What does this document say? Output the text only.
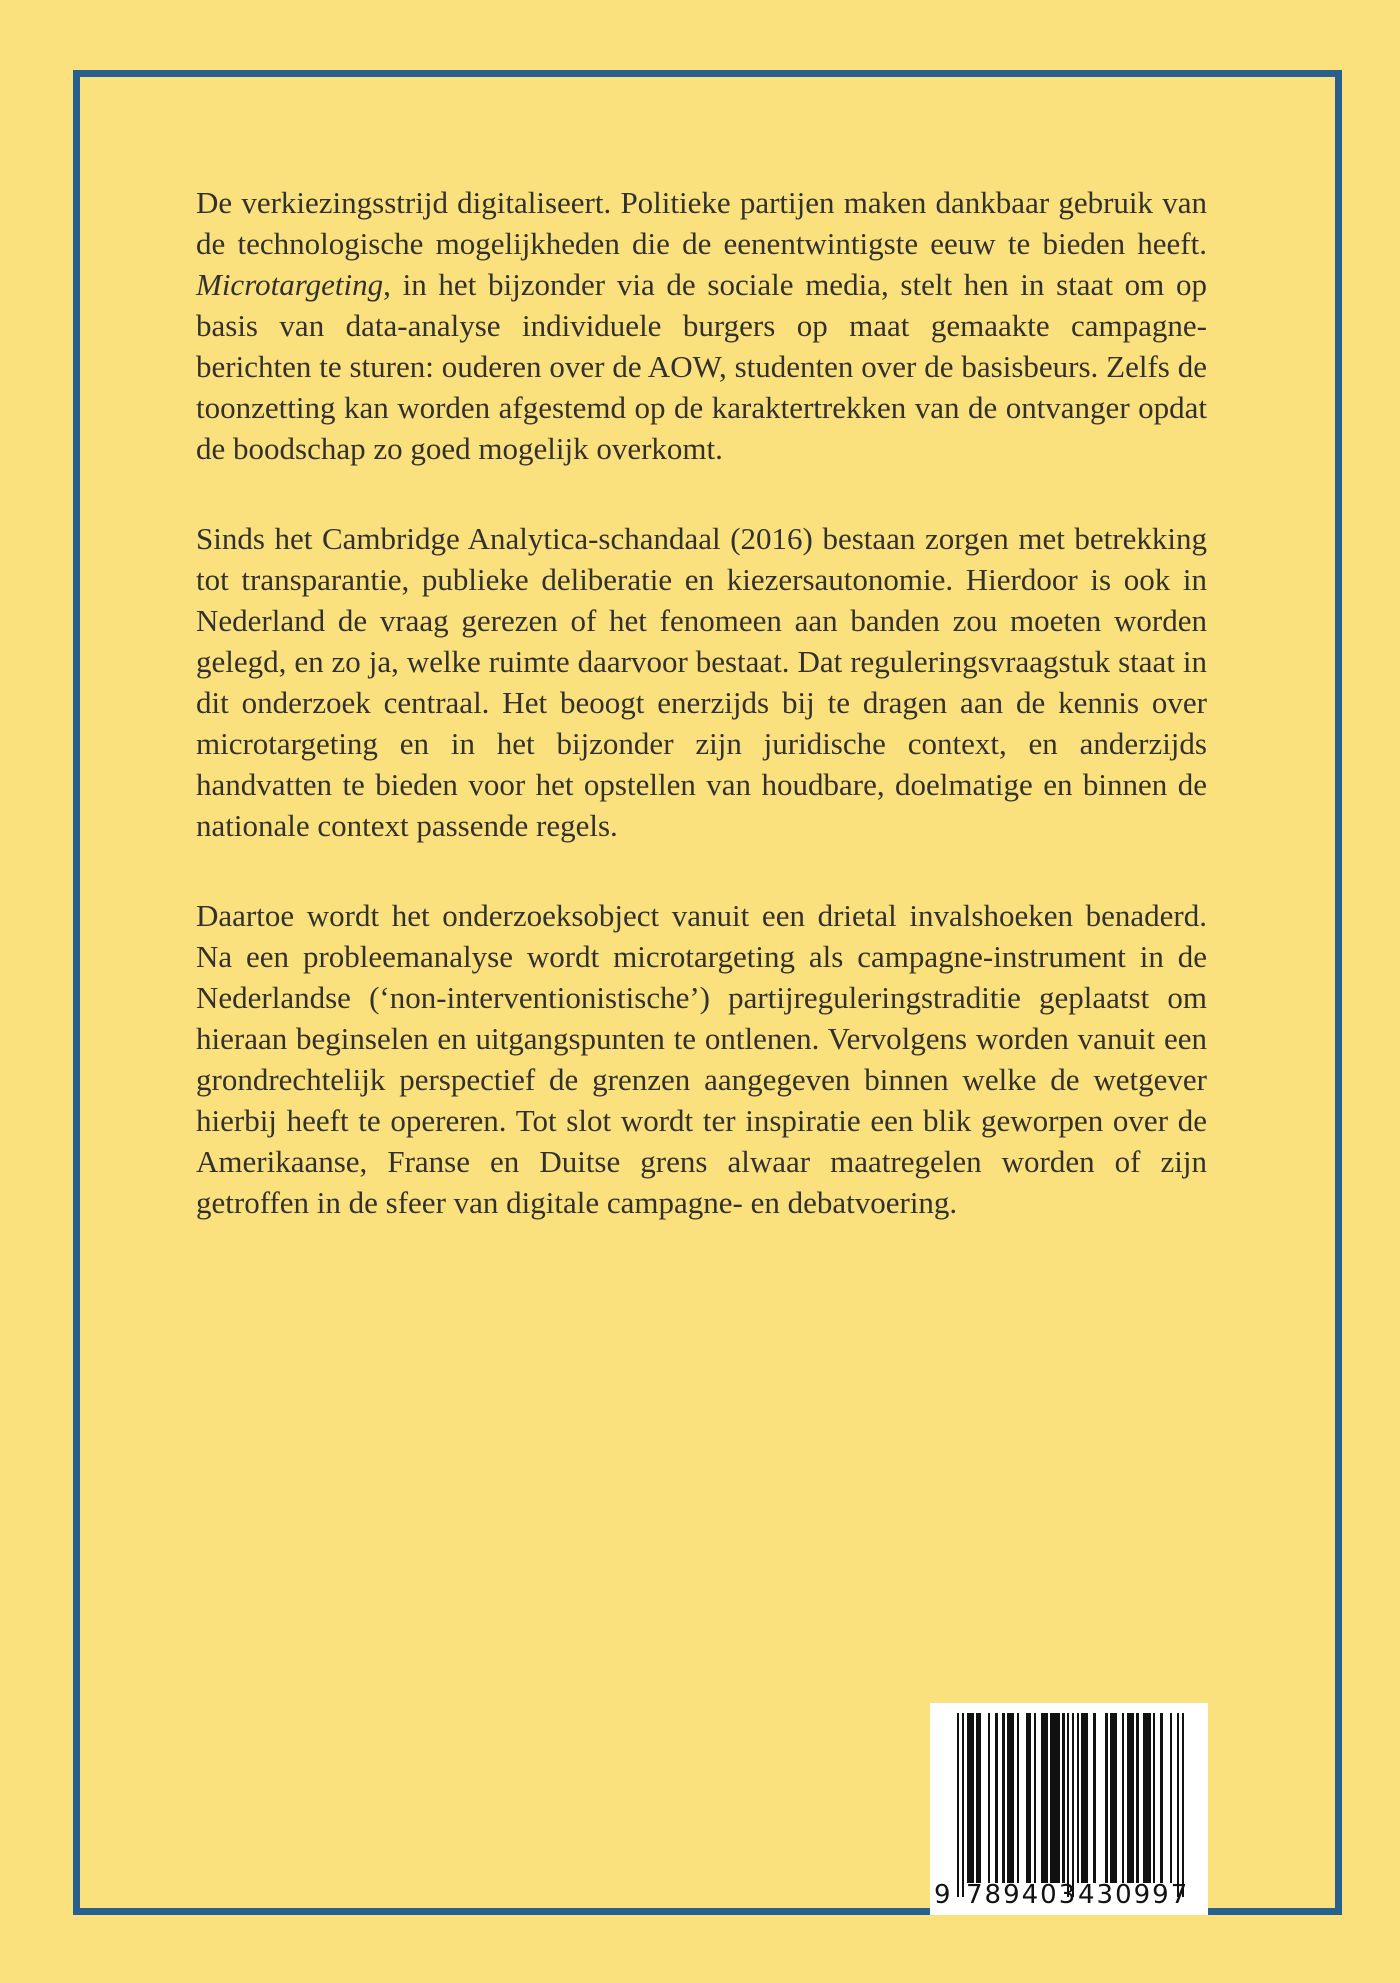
De verkiezingsstrijd digitaliseert. Politieke partijen maken dankbaar gebruik van de technologische mogelijkheden die de eenentwintigste eeuw te bieden heeft. Microtargeting, in het bijzonder via de sociale media, stelt hen in staat om op basis van data-analyse individuele burgers op maat gemaakte campagne-berichten te sturen: ouderen over de AOW, studenten over de basisbeurs. Zelfs de toonzetting kan worden afgestemd op de karaktertrekken van de ontvanger opdat de boodschap zo goed mogelijk overkomt.

Sinds het Cambridge Analytica-schandaal (2016) bestaan zorgen met betrekking tot transparantie, publieke deliberatie en kiezersautonomie. Hierdoor is ook in Nederland de vraag gerezen of het fenomeen aan banden zou moeten worden gelegd, en zo ja, welke ruimte daarvoor bestaat. Dat reguleringsvraagstuk staat in dit onderzoek centraal. Het beoogt enerzijds bij te dragen aan de kennis over microtargeting en in het bijzonder zijn juridische context, en anderzijds handvatten te bieden voor het opstellen van houdbare, doelmatige en binnen de nationale context passende regels.

Daartoe wordt het onderzoeksobject vanuit een drietal invalshoeken benaderd. Na een probleemanalyse wordt microtargeting als campagne-instrument in de Nederlandse (‘non-interventionistische’) partijreguleringstraditie geplaatst om hieraan beginselen en uitgangspunten te ontlenen. Vervolgens worden vanuit een grondrechtelijk perspectief de grenzen aangegeven binnen welke de wetgever hierbij heeft te opereren. Tot slot wordt ter inspiratie een blik geworpen over de Amerikaanse, Franse en Duitse grens alwaar maatregelen worden of zijn getroffen in de sfeer van digitale campagne- en debatvoering.

9 789403 430997
